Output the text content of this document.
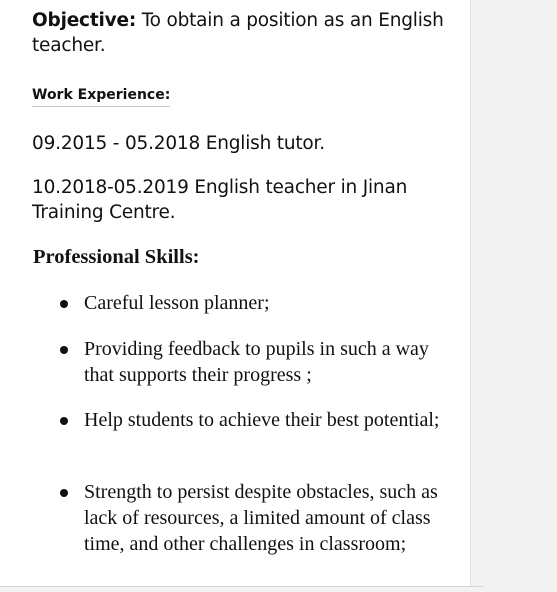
Objective: To obtain a position as an English teacher.
Work Experience:
09.2015 - 05.2018 English tutor.
10.2018-05.2019 English teacher in Jinan Training Centre.
Professional Skills:
Careful lesson planner;
Providing feedback to pupils in such a way that supports their progress ;
Help students to achieve their best potential;
Strength to persist despite obstacles, such as lack of resources, a limited amount of class time, and other challenges in classroom;
